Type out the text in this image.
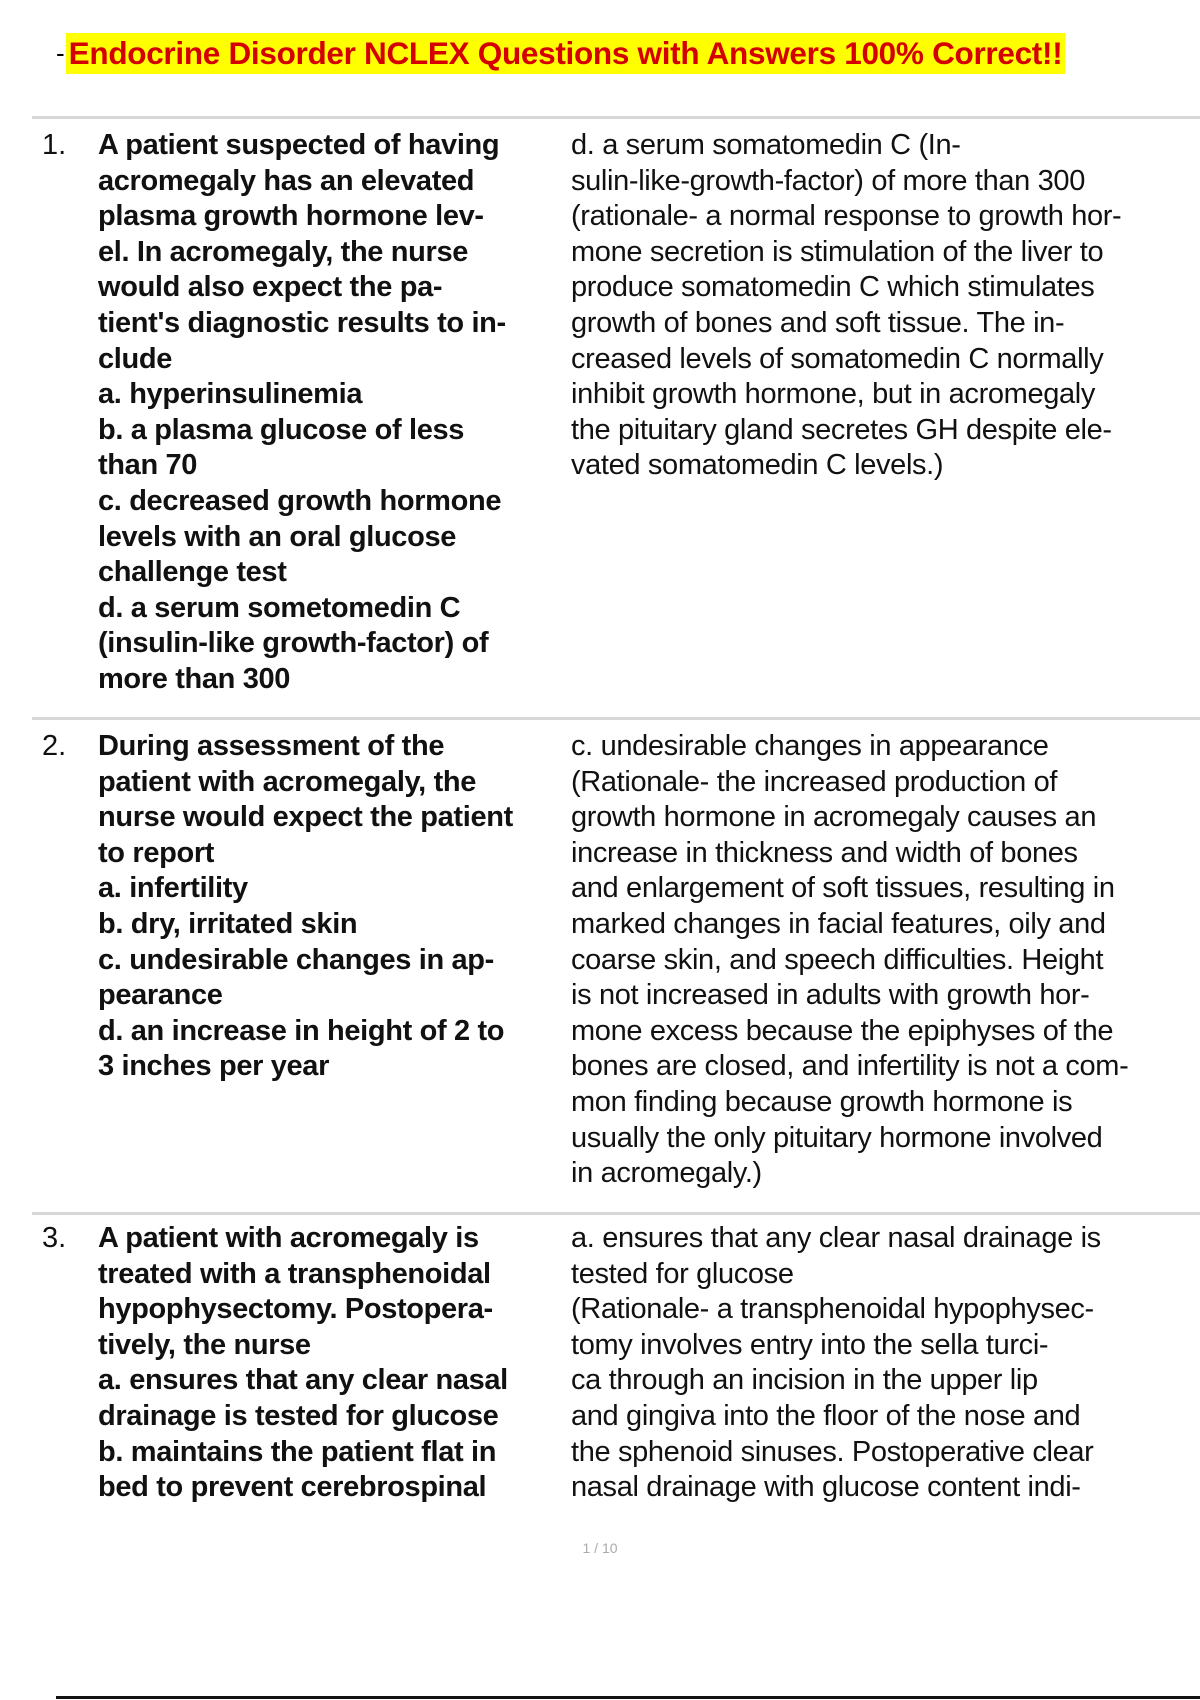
- Endocrine Disorder NCLEX Questions with Answers 100% Correct!!
1. A patient suspected of having
acromegaly has an elevated
plasma growth hormone lev-
el. In acromegaly, the nurse
would also expect the pa-
tient's diagnostic results to in-
clude
a. hyperinsulinemia
b. a plasma glucose of less
than 70
c. decreased growth hormone
levels with an oral glucose
challenge test
d. a serum sometomedin C
(insulin-like growth-factor) of
more than 300
d. a serum somatomedin C (In-
sulin-like-growth-factor) of more than 300
(rationale- a normal response to growth hor-
mone secretion is stimulation of the liver to
produce somatomedin C which stimulates
growth of bones and soft tissue. The in-
creased levels of somatomedin C normally
inhibit growth hormone, but in acromegaly
the pituitary gland secretes GH despite ele-
vated somatomedin C levels.)
2. During assessment of the
patient with acromegaly, the
nurse would expect the patient
to report
a. infertility
b. dry, irritated skin
c. undesirable changes in ap-
pearance
d. an increase in height of 2 to
3 inches per year
c. undesirable changes in appearance
(Rationale- the increased production of
growth hormone in acromegaly causes an
increase in thickness and width of bones
and enlargement of soft tissues, resulting in
marked changes in facial features, oily and
coarse skin, and speech difficulties. Height
is not increased in adults with growth hor-
mone excess because the epiphyses of the
bones are closed, and infertility is not a com-
mon finding because growth hormone is
usually the only pituitary hormone involved
in acromegaly.)
3. A patient with acromegaly is
treated with a transphenoidal
hypophysectomy. Postopera-
tively, the nurse
a. ensures that any clear nasal
drainage is tested for glucose
b. maintains the patient flat in
bed to prevent cerebrospinal
a. ensures that any clear nasal drainage is
tested for glucose
(Rationale- a transphenoidal hypophysec-
tomy involves entry into the sella turci-
ca through an incision in the upper lip
and gingiva into the floor of the nose and
the sphenoid sinuses. Postoperative clear
nasal drainage with glucose content indi-
1 / 10
